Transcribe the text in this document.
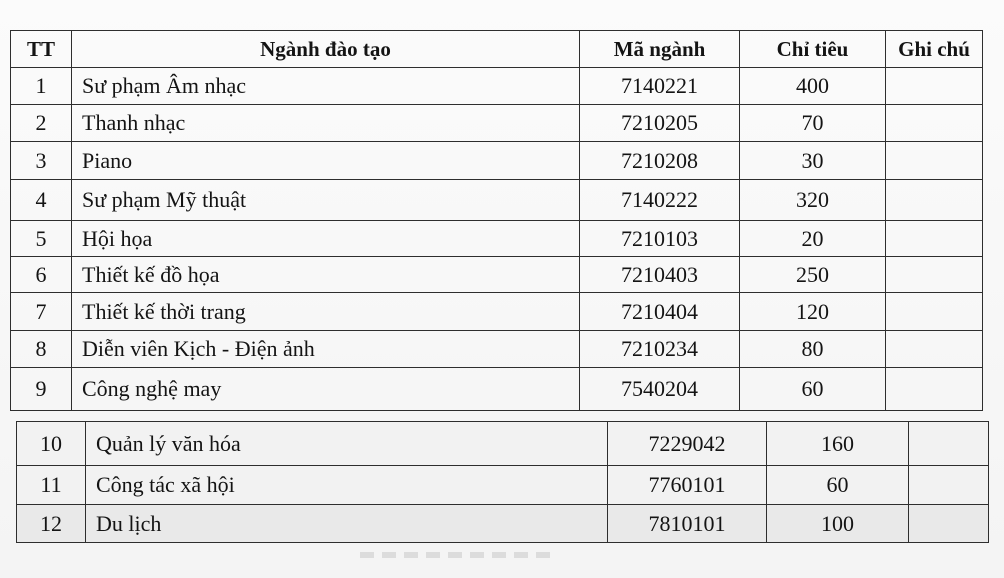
TT	Ngành đào tạo	Mã ngành	Chỉ tiêu	Ghi chú
1	Sư phạm Âm nhạc	7140221	400	
2	Thanh nhạc	7210205	70	
3	Piano	7210208	30	
4	Sư phạm Mỹ thuật	7140222	320	
5	Hội họa	7210103	20	
6	Thiết kế đồ họa	7210403	250	
7	Thiết kế thời trang	7210404	120	
8	Diễn viên Kịch - Điện ảnh	7210234	80	
9	Công nghệ may	7540204	60	
10	Quản lý văn hóa	7229042	160	
11	Công tác xã hội	7760101	60	
12	Du lịch	7810101	100	
